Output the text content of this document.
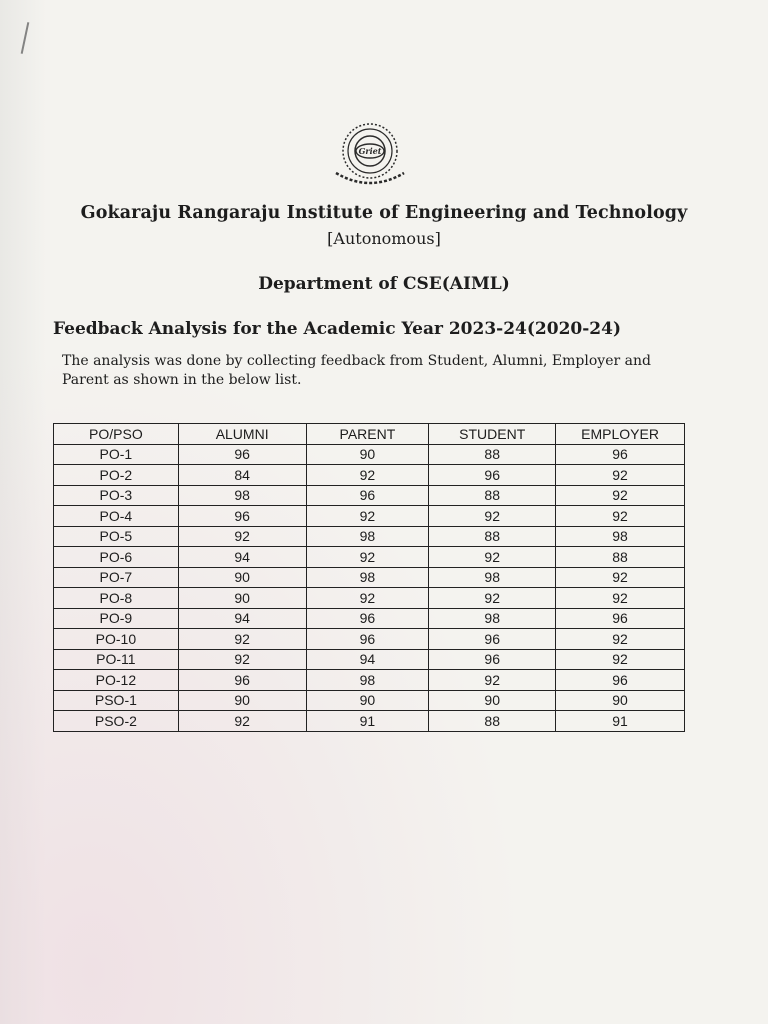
Griet
Gokaraju Rangaraju Institute of Engineering and Technology
[Autonomous]
Department of CSE(AIML)
Feedback Analysis for the Academic Year 2023-24(2020-24)
The analysis was done by collecting feedback from Student, Alumni, Employer and Parent as shown in the below list.
PO/PSO	ALUMNI	PARENT	STUDENT	EMPLOYER
PO-1	96	90	88	96
PO-2	84	92	96	92
PO-3	98	96	88	92
PO-4	96	92	92	92
PO-5	92	98	88	98
PO-6	94	92	92	88
PO-7	90	98	98	92
PO-8	90	92	92	92
PO-9	94	96	98	96
PO-10	92	96	96	92
PO-11	92	94	96	92
PO-12	96	98	92	96
PSO-1	90	90	90	90
PSO-2	92	91	88	91
